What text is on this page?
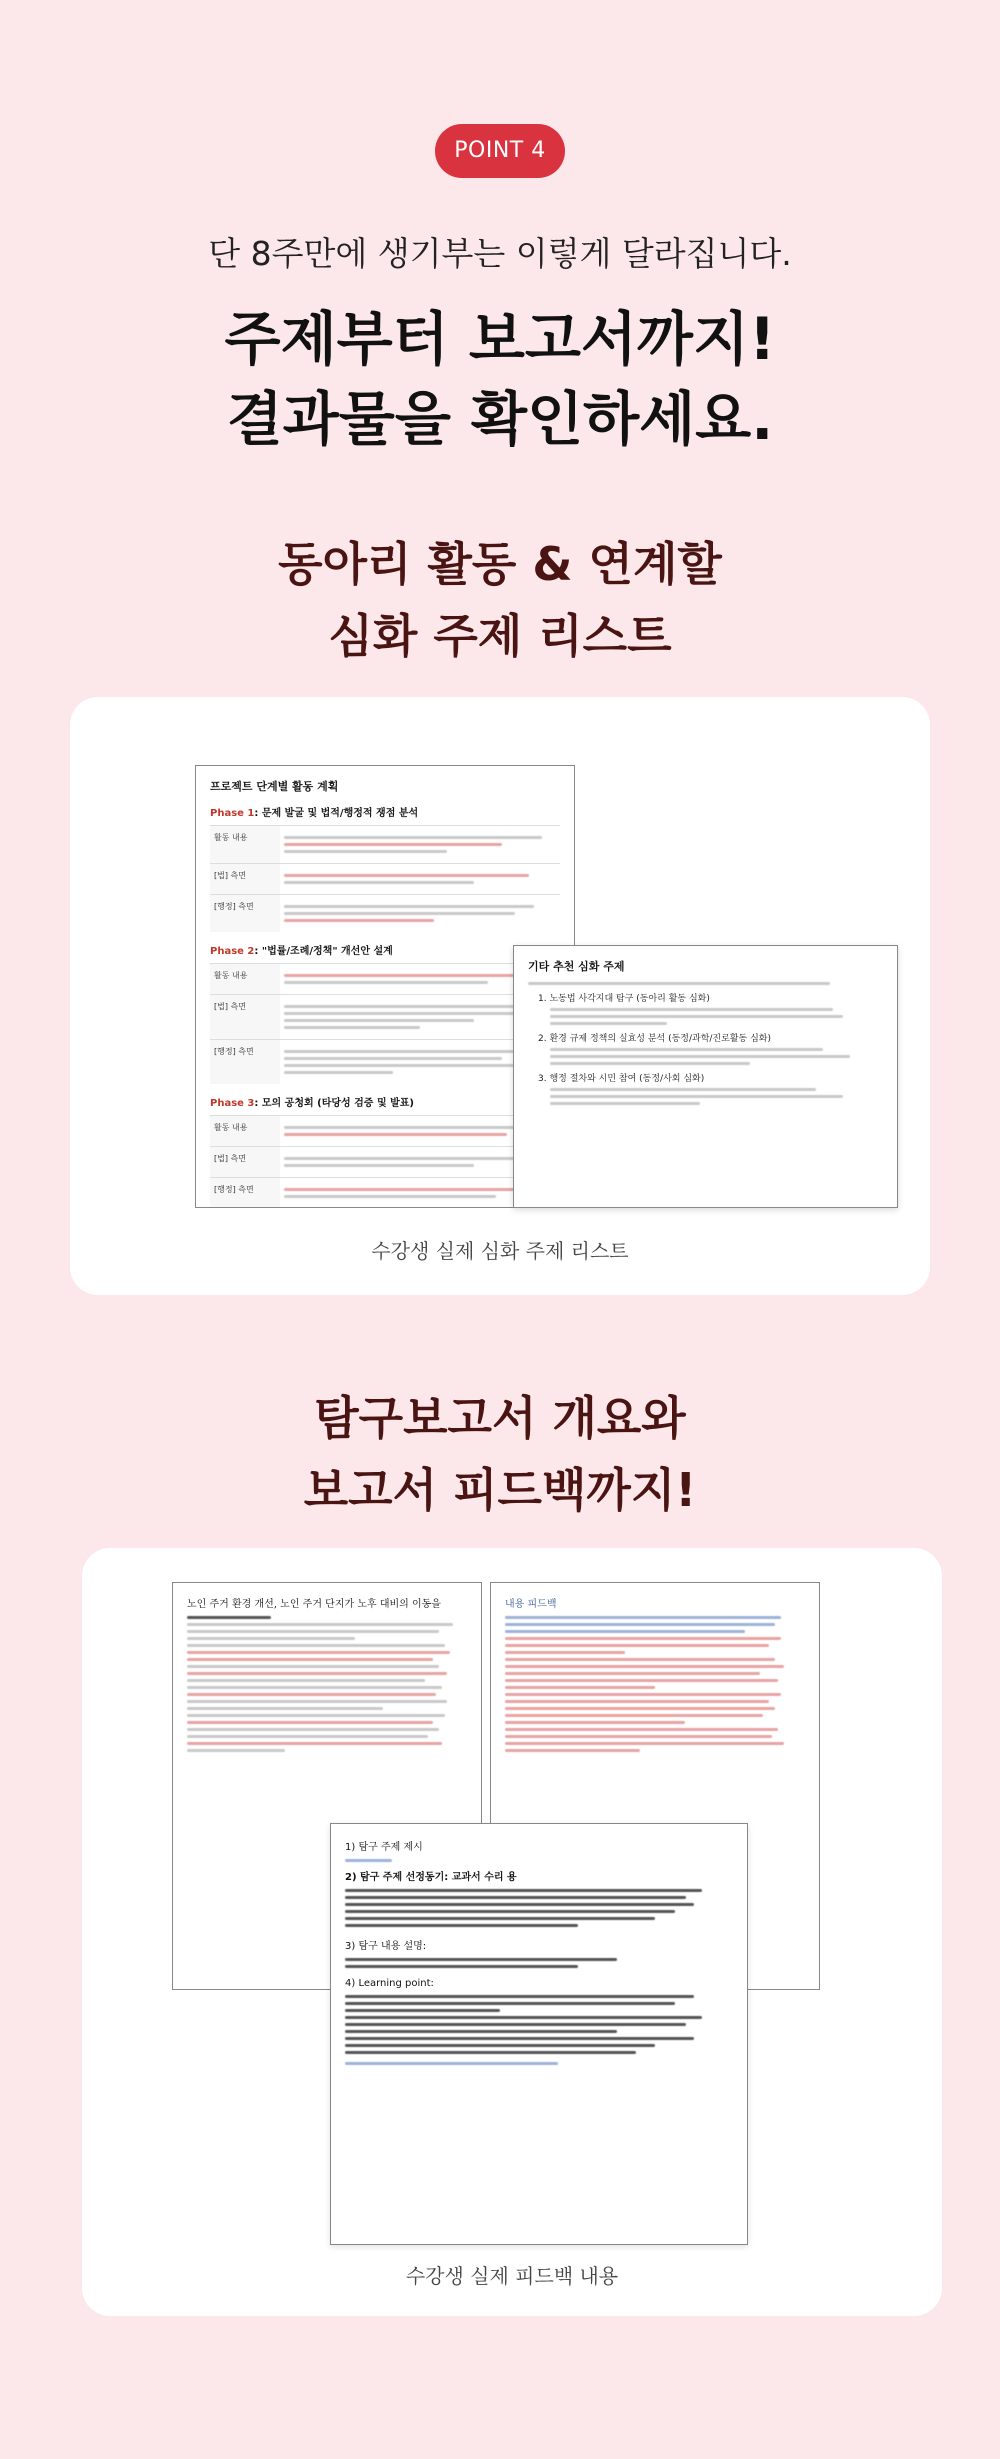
POINT 4
단 8주만에 생기부는 이렇게 달라집니다.
주제부터 보고서까지!
결과물을 확인하세요.
동아리 활동 & 연계할
심화 주제 리스트
프로젝트 단계별 활동 계획
Phase 1: 문제 발굴 및 법적/행정적 쟁점 분석
활동 내용
[법] 측면
[행정] 측면
Phase 2: "법률/조례/정책" 개선안 설계
활동 내용
[법] 측면
[행정] 측면
Phase 3: 모의 공청회 (타당성 검증 및 발표)
활동 내용
[법] 측면
[행정] 측면
기타 추천 심화 주제
1. 노동법 사각지대 탐구 (동아리 활동 심화)
2. 환경 규제 정책의 실효성 분석 (동정/과학/진로활동 심화)
3. 행정 절차와 시민 참여 (동정/사회 심화)
수강생 실제 심화 주제 리스트
탐구보고서 개요와
보고서 피드백까지!
노인 주거 환경 개선, 노인 주거 단지가 노후 대비의 이동을	내용 피드백
1) 탐구 주제 제시
2) 탐구 주제 선정동기: 교과서 수리 용
3) 탐구 내용 설명:
4) Learning point:
수강생 실제 피드백 내용
